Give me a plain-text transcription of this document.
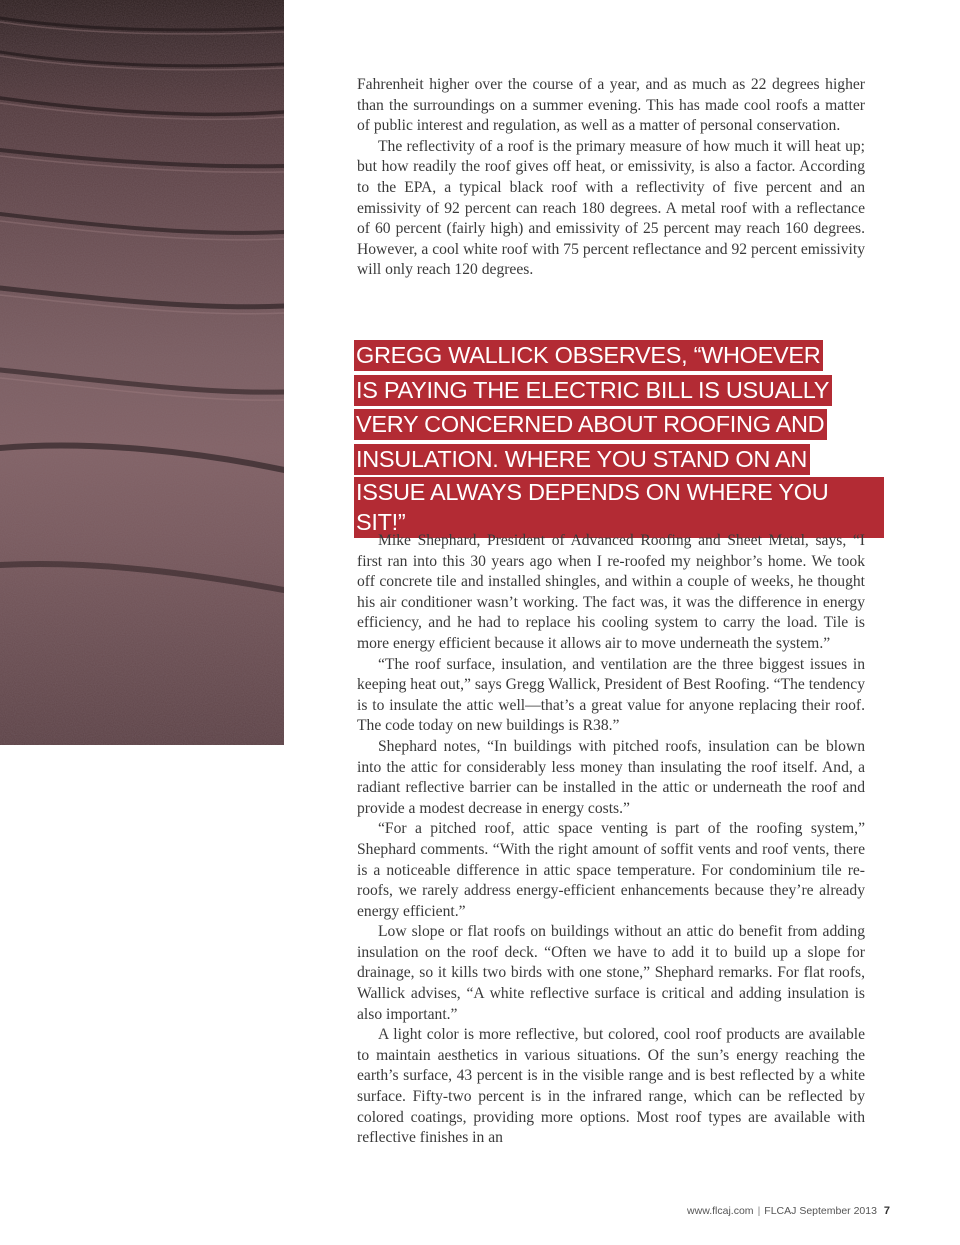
Fahrenheit higher over the course of a year, and as much as 22 degrees higher than the surroundings on a summer evening. This has made cool roofs a matter of public interest and regulation, as well as a matter of personal conservation.

The reflectivity of a roof is the primary measure of how much it will heat up; but how readily the roof gives off heat, or emissivity, is also a factor. According to the EPA, a typical black roof with a reflectivity of five percent and an emissivity of 92 percent can reach 180 degrees. A metal roof with a reflectance of 60 percent (fairly high) and emissivity of 25 percent may reach 160 degrees. However, a cool white roof with 75 percent reflectance and 92 percent emissivity will only reach 120 degrees.

GREGG WALLICK OBSERVES, “WHOEVER
IS PAYING THE ELECTRIC BILL IS USUALLY
VERY CONCERNED ABOUT ROOFING AND
INSULATION. WHERE YOU STAND ON AN
ISSUE ALWAYS DEPENDS ON WHERE YOU SIT!”

Mike Shephard, President of Advanced Roofing and Sheet Metal, says, “I first ran into this 30 years ago when I re-roofed my neighbor’s home. We took off concrete tile and installed shingles, and within a couple of weeks, he thought his air conditioner wasn’t working. The fact was, it was the difference in energy efficiency, and he had to replace his cooling system to carry the load. Tile is more energy efficient because it allows air to move underneath the system.”

“The roof surface, insulation, and ventilation are the three biggest issues in keeping heat out,” says Gregg Wallick, President of Best Roofing. “The tendency is to insulate the attic well—that’s a great value for anyone replacing their roof. The code today on new buildings is R38.”

Shephard notes, “In buildings with pitched roofs, insulation can be blown into the attic for considerably less money than insulating the roof itself. And, a radiant reflective barrier can be installed in the attic or underneath the roof and provide a modest decrease in energy costs.”

“For a pitched roof, attic space venting is part of the roofing system,” Shephard comments. “With the right amount of soffit vents and roof vents, there is a noticeable difference in attic space temperature. For condominium tile re-roofs, we rarely address energy-efficient enhancements because they’re already energy efficient.”

Low slope or flat roofs on buildings without an attic do benefit from adding insulation on the roof deck. “Often we have to add it to build up a slope for drainage, so it kills two birds with one stone,” Shephard remarks. For flat roofs, Wallick advises, “A white reflective surface is critical and adding insulation is also important.”

A light color is more reflective, but colored, cool roof products are available to maintain aesthetics in various situations. Of the sun’s energy reaching the earth’s surface, 43 percent is in the visible range and is best reflected by a white surface. Fifty-two percent is in the infrared range, which can be reflected by colored coatings, providing more options. Most roof types are available with reflective finishes in an

www.flcaj.com | FLCAJ September 2013 7
